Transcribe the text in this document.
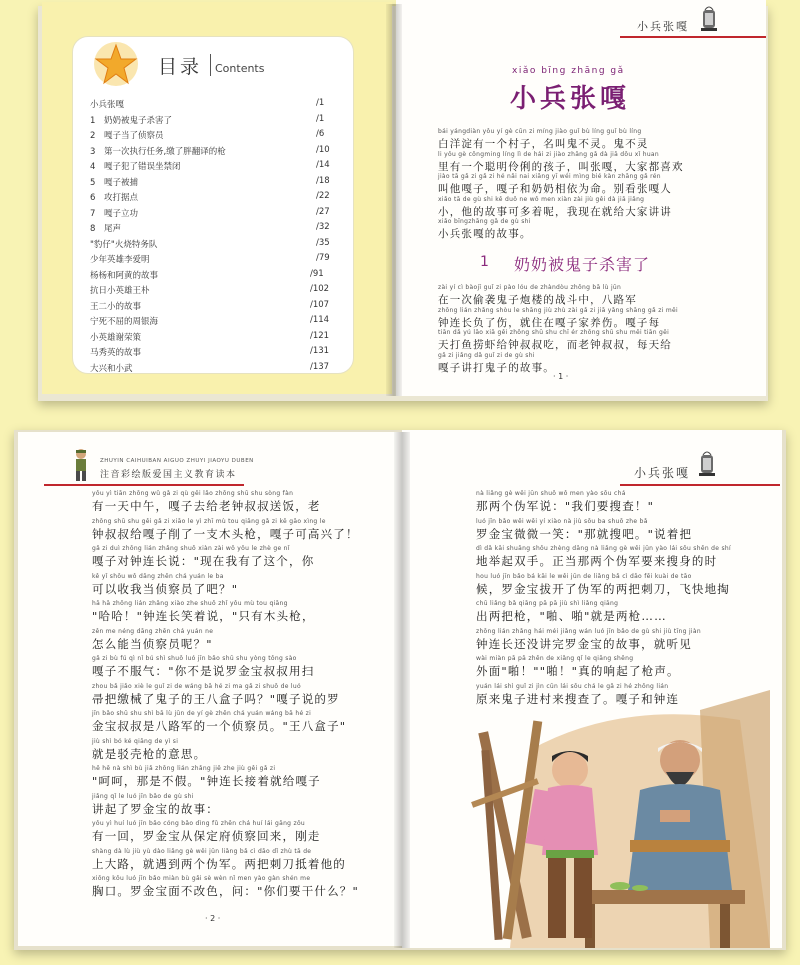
目录 Contents
小兵张嘎	/1
1 奶奶被鬼子杀害了	/1
2 嘎子当了侦察员	/6
3 第一次执行任务,缴了胖翻译的枪	/10
4 嘎子犯了错误坐禁闭	/14
5 嘎子被捕	/18
6 攻打据点	/22
7 嘎子立功	/27
8 尾声	/32
"豹仔"火烧特务队	/35
少年英雄李爱明	/79
杨杨和阿黄的故事	/91
抗日小英雄王朴	/102
王二小的故事	/107
宁死不屈的周银海	/114
小英雄谢荣策	/121
马秀英的故事	/131
大兴和小武	/137
小兵张嘎
xiǎo bīng zhāng gǎ
小兵张嘎
bái yángdiàn yǒu yí gè cūn zi míng jiào guǐ bù líng guǐ bù líng
白洋淀有一个村子，名叫鬼不灵。鬼不灵
li yǒu gè cōngming líng lì de hái zi jiào zhāng gǎ dà jiā dōu xǐ huan
里有一个聪明伶俐的孩子，叫张嘎，大家都喜欢
jiào tā gǎ zi gǎ zi hé nǎi nai xiāng yī wéi mìng bié kàn zhāng gǎ rén
叫他嘎子，嘎子和奶奶相依为命。别看张嘎人
xiǎo tā de gù shi kě duō ne wǒ men xiàn zài jiù gěi dà jiā jiǎng
小，他的故事可多着呢，我现在就给大家讲讲
xiǎo bīngzhāng gǎ de gù shi
小兵张嘎的故事。
1 奶奶被鬼子杀害了
zài yí cì bàojī guǐ zi pào lóu de zhàndòu zhōng bā lù jūn
在一次偷袭鬼子炮楼的战斗中，八路军
zhōng lián zhǎng shòu le shāng jiù zhù zài gǎ zi jiā yǎng shāng gǎ zi měi
钟连长负了伤，就住在嘎子家养伤。嘎子每
tiān dǎ yú lāo xiā gěi zhōng shū shu chī ér zhōng shū shu měi tiān gěi
天打鱼捞虾给钟叔叔吃，而老钟叔叔，每天给
gǎ zi jiǎng dǎ guǐ zi de gù shi
嘎子讲打鬼子的故事。
· 1 ·
ZHUYIN CAIHUIBAN AIGUO ZHUYI JIAOYU DUBEN
注音彩绘版爱国主义教育读本
yǒu yì tiān zhōng wǔ gǎ zi qù gěi lǎo zhōng shū shu sòng fàn
有一天中午，嘎子去给老钟叔叔送饭，老
zhōng shū shu gěi gǎ zi xiāo le yì zhī mù tou qiāng gǎ zi kě gāo xìng le
钟叔叔给嘎子削了一支木头枪，嘎子可高兴了！
gǎ zi duì zhōng lián zhǎng shuō xiàn zài wǒ yǒu le zhè ge nǐ
嘎子对钟连长说："现在我有了这个，你
kě yǐ shōu wǒ dāng zhēn chá yuán le ba
可以收我当侦察员了吧？"
hā hā zhōng lián zhǎng xiào zhe shuō zhǐ yǒu mù tou qiāng
"哈哈！"钟连长笑着说，"只有木头枪，
zěn me néng dāng zhēn chá yuán ne
怎么能当侦察员呢？"
gǎ zi bù fú qì nǐ bú shì shuō luó jīn bǎo shū shu yòng tǒng sào
嘎子不服气："你不是说罗金宝叔叔用扫
zhou bǎ jiǎo xiè le guǐ zi de wáng bā hé zi ma gǎ zi shuō de luó
帚把缴械了鬼子的王八盒子吗？"嘎子说的罗
jīn bǎo shū shu shì bā lù jūn de yí gè zhēn chá yuán wáng bā hé zi
金宝叔叔是八路军的一个侦察员。"王八盒子"
jiù shì bó ké qiāng de yì si
就是驳壳枪的意思。
hē hē nà shì bù jiǎ zhōng lián zhǎng jiē zhe jiù gěi gǎ zi
"呵呵，那是不假。"钟连长接着就给嘎子
jiǎng qǐ le luó jīn bǎo de gù shi
讲起了罗金宝的故事：
yǒu yì huí luó jīn bǎo cóng bǎo dìng fǔ zhēn chá huí lái gāng zǒu
有一回，罗金宝从保定府侦察回来，刚走
shàng dà lù jiù yù dào liǎng gè wěi jūn liǎng bǎ cì dāo dǐ zhù tā de
上大路，就遇到两个伪军。两把刺刀抵着他的
xiōng kǒu luó jīn bǎo miàn bù gǎi sè wèn nǐ men yào gàn shén me
胸口。罗金宝面不改色，问："你们要干什么？"
· 2 ·
小兵张嘎
nà liǎng gè wěi jūn shuō wǒ men yào sōu chá
那两个伪军说："我们要搜查！"
luó jīn bǎo wēi wēi yí xiào nà jiù sōu ba shuō zhe bǎ
罗金宝微微一笑："那就搜吧。"说着把
dì dǎ kāi shuāng shǒu zhèng dāng nà liǎng gè wěi jūn yào lái sōu shēn de shí
地举起双手。正当那两个伪军要来搜身的时
hou luó jīn bǎo bá kāi le wěi jūn de liǎng bǎ cì dāo fēi kuài de tāo
候，罗金宝拔开了伪军的两把刺刀，飞快地掏
chū liǎng bǎ qiāng pā pā jiù shì liǎng qiāng
出两把枪，"啪、啪"就是两枪……
zhōng lián zhǎng hái méi jiǎng wán luó jīn bǎo de gù shi jiù tīng jiàn
钟连长还没讲完罗金宝的故事，就听见
wài miàn pā pā zhēn de xiǎng qǐ le qiāng shēng
外面"啪！""啪！"真的响起了枪声。
yuán lái shì guǐ zi jìn cūn lái sōu chá le gǎ zi hé zhōng lián
原来鬼子进村来搜查了。嘎子和钟连
